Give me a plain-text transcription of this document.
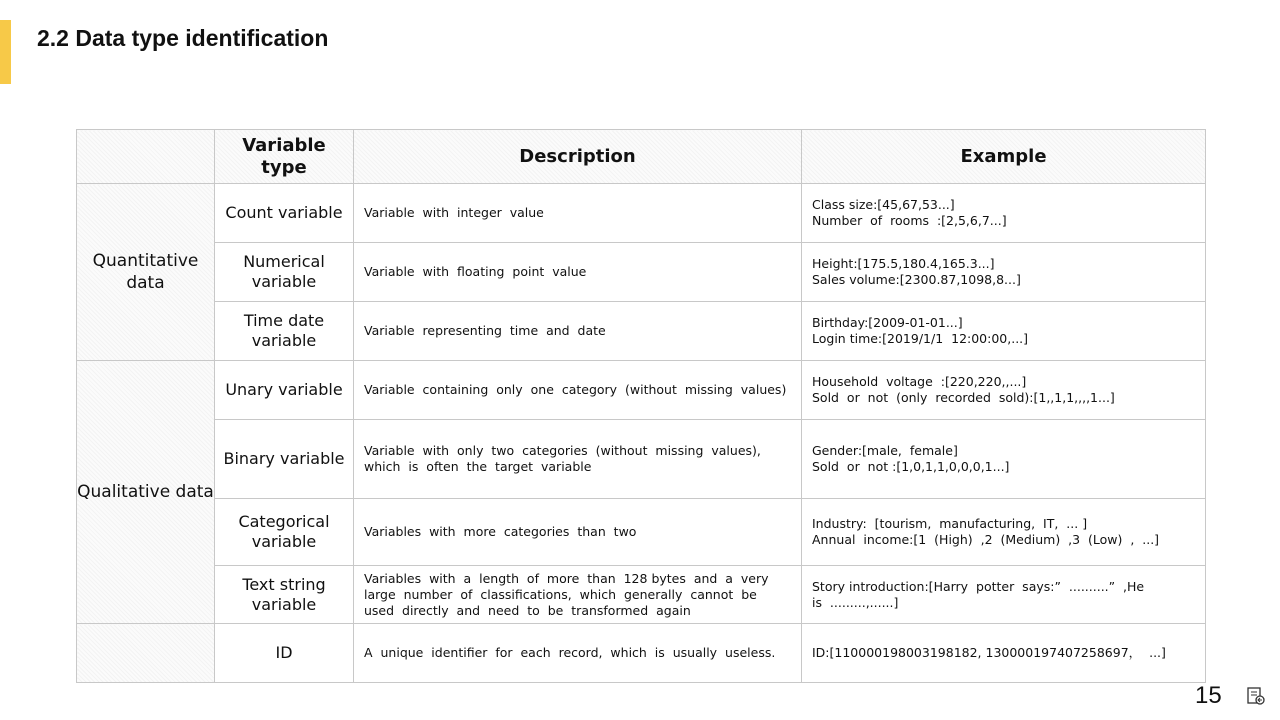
2.2 Data type identification
	Variable type	Description	Example
Quantitative data	Count variable	Variable  with  integer  value	Class size:[45,67,53...]
Number  of  rooms  :[2,5,6,7...]

	Numerical variable	Variable  with  floating  point  value	Height:[175.5,180.4,165.3...]
Sales volume:[2300.87,1098,8...]

	Time date variable	Variable  representing  time  and  date	Birthday:[2009-01-01...]
Login time:[2019/1/1  12:00:00,...]

Qualitative data	Unary variable	Variable  containing  only  one  category  (without  missing  values)	Household  voltage  :[220,220,,...]
Sold  or  not  (only  recorded  sold):[1,,1,1,,,,1...]

	Binary variable	Variable  with  only  two  categories  (without  missing  values),  which  is  often  the  target  variable	Gender:[male,  female]
Sold  or  not :[1,0,1,1,0,0,0,1...]

	Categorical variable	Variables  with  more  categories  than  two	Industry:  [tourism,  manufacturing,  IT,  ... ]
Annual  income:[1  (High)  ,2  (Medium)  ,3  (Low)  ,  ...]

	Text string variable	Variables  with  a  length  of  more  than  128 bytes  and  a  very  large  number  of  classifications,  which  generally  cannot  be  used  directly  and  need  to  be  transformed  again	Story introduction:[Harry  potter  says:”  ..........”  ,He
is  .........,......]

	ID	A  unique  identifier  for  each  record,  which  is  usually  useless.	ID:[110000198003198182, 130000197407258697，  ...]
15
